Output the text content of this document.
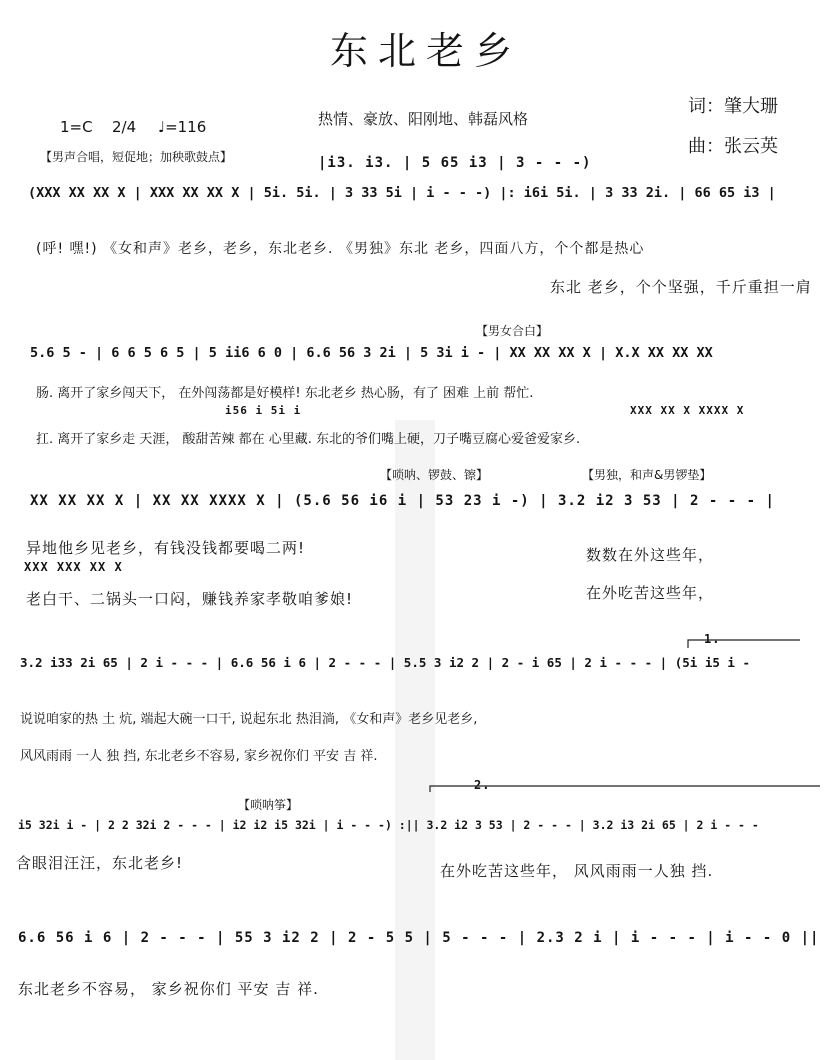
东北老乡
1=C 2/4 ♩=116	热情、豪放、阳刚地、韩磊风格
词：肇大珊
曲：张云英
【男声合唱，短促地；加秧歌鼓点】	|i3. i3. | 5 65 i3 | 3 - - -)
(XXX XX XX X | XXX XX XX X | 5i. 5i. | 3 33 5i | i - - -) |: i6i 5i. | 3 33 2i. | 66 65 i3 |
(呼! 嘿!) 《女和声》老乡，老乡，东北老乡. 《男独》东北 老乡，四面八方，个个都是热心
东北 老乡，个个坚强，千斤重担一肩
【男女合白】
5.6 5 - | 6 6 5 6 5 | 5 ii6 6 0 | 6.6 56 3 2i | 5 3i i - | XX XX XX X | X.X XX XX XX
肠. 离开了家乡闯天下， 在外闯荡都是好模样! 东北老乡 热心肠，有了 困难 上前 帮忙.
i56 i 5i i	XXX XX X XXXX X
扛. 离开了家乡走 天涯， 酸甜苦辣 都在 心里藏. 东北的爷们嘴上硬，刀子嘴豆腐心爱爸爱家乡.
【唢呐、锣鼓、镲】	【男独，和声&男锣垫】
XX XX XX X | XX XX XXXX X | (5.6 56 i6 i | 53 23 i -) | 3.2 i2 3 53 | 2 - - - |
异地他乡见老乡，有钱没钱都要喝二两!
XXX XXX XX X
老白干、二锅头一口闷，赚钱养家孝敬咱爹娘!
数数在外这些年，
在外吃苦这些年，
1.
3.2 i33 2i 65 | 2 i - - - | 6.6 56 i 6 | 2 - - - | 5.5 3 i2 2 | 2 - i 65 | 2 i - - - | (5i i5 i -
说说咱家的热 土 炕, 端起大碗一口干, 说起东北 热泪淌, 《女和声》老乡见老乡,
风风雨雨 一人 独 挡, 东北老乡不容易, 家乡祝你们 平安 吉 祥.
2.
【唢呐筝】
i5 32i i - | 2 2 32i 2 - - - | i2 i2 i5 32i | i - - -) :|| 3.2 i2 3 53 | 2 - - - | 3.2 i3 2i 65 | 2 i - - -
含眼泪汪汪，东北老乡!	在外吃苦这些年， 风风雨雨一人独 挡.
6.6 56 i 6 | 2 - - - | 55 3 i2 2 | 2 - 5 5 | 5 - - - | 2.3 2 i | i - - - | i - - 0 ||
东北老乡不容易， 家乡祝你们 平安 吉 祥.
